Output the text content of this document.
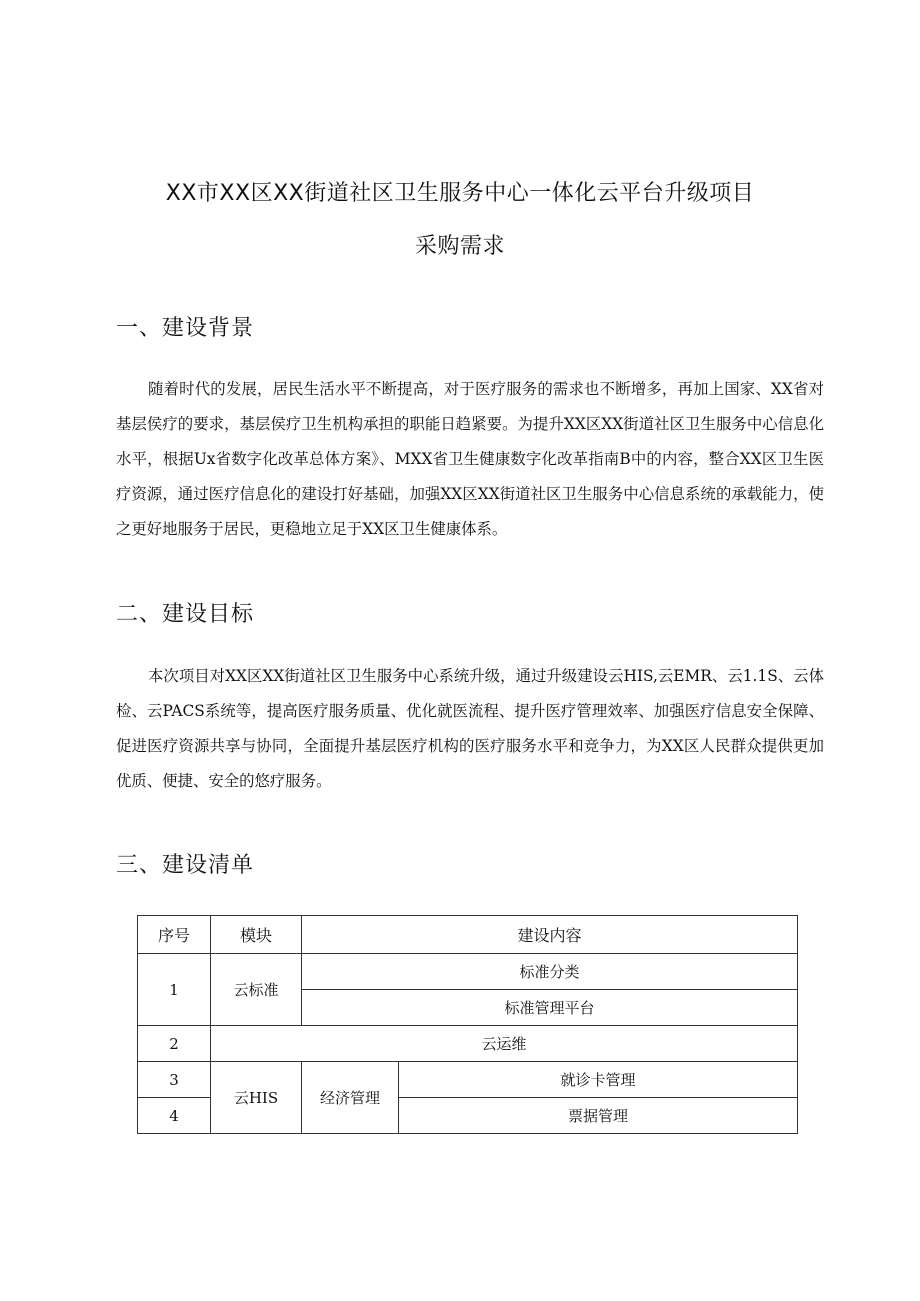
XX市XX区XX街道社区卫生服务中心一体化云平台升级项目
采购需求
一、建设背景

随着时代的发展，居民生活水平不断提高，对于医疗服务的需求也不断增多，再加上国家、XX省对基层侯疗的要求，基层侯疗卫生机构承担的职能日趋紧要。为提升XX区XX街道社区卫生服务中心信息化水平，根据Ux省数字化改革总体方案》、MXX省卫生健康数字化改革指南B中的内容，整合XX区卫生医疗资源，通过医疗信息化的建设打好基础，加强XX区XX街道社区卫生服务中心信息系统的承载能力，使之更好地服务于居民，更稳地立足于XX区卫生健康体系。

二、建设目标

本次项目对XX区XX街道社区卫生服务中心系统升级，通过升级建设云HIS,云EMR、云1.1S、云体检、云PACS系统等，提高医疗服务质量、优化就医流程、提升医疗管理效率、加强医疗信息安全保障、促进医疗资源共享与协同，全面提升基层医疗机构的医疗服务水平和竞争力，为XX区人民群众提供更加优质、便捷、安全的悠疗服务。

三、建设清单
序号	模块	建设内容	
1	云标准	标准分类	
		标准管理平台	
2	云运维		
3	云HIS	经济管理	就诊卡管理
4			票据管理
